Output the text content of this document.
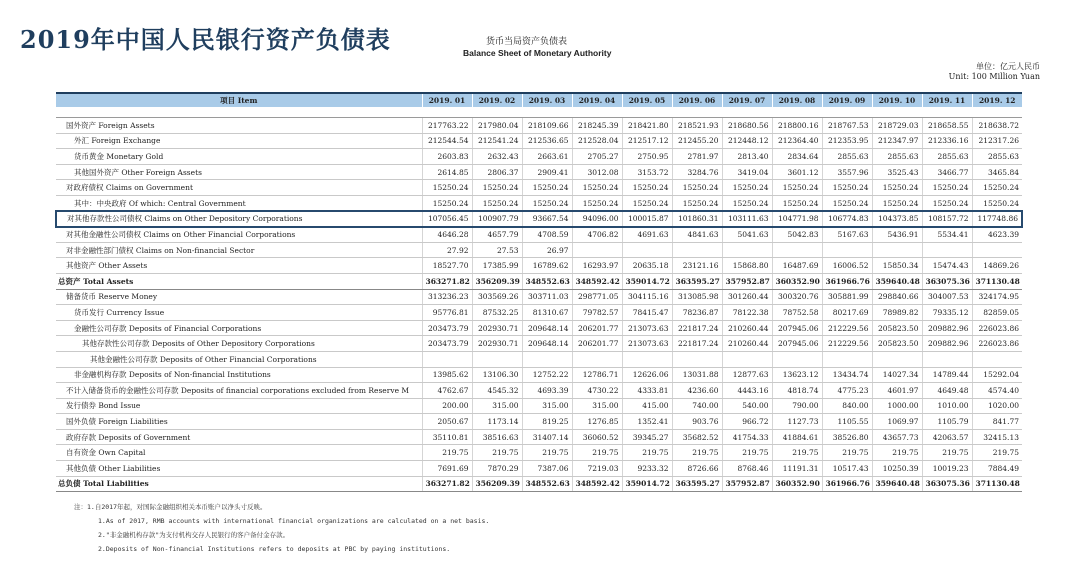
2019年中国人民银行资产负债表	货币当局资产负债表
Balance Sheet of Monetary Authority
单位：亿元人民币
Unit: 100 Million Yuan
项目 Item	2019. 01	2019. 02	2019. 03	2019. 04	2019. 05	2019. 06	2019. 07	2019. 08	2019. 09	2019. 10	2019. 11	2019. 12

国外资产 Foreign Assets	217763.22	217980.04	218109.66	218245.39	218421.80	218521.93	218680.56	218800.16	218767.53	218729.03	218658.55	218638.72
外汇 Foreign Exchange	212544.54	212541.24	212536.65	212528.04	212517.12	212455.20	212448.12	212364.40	212353.95	212347.97	212336.16	212317.26
货币黄金 Monetary Gold	2603.83	2632.43	2663.61	2705.27	2750.95	2781.97	2813.40	2834.64	2855.63	2855.63	2855.63	2855.63
其他国外资产 Other Foreign Assets	2614.85	2806.37	2909.41	3012.08	3153.72	3284.76	3419.04	3601.12	3557.96	3525.43	3466.77	3465.84
对政府债权 Claims on Government	15250.24	15250.24	15250.24	15250.24	15250.24	15250.24	15250.24	15250.24	15250.24	15250.24	15250.24	15250.24
其中：中央政府 Of which: Central Government	15250.24	15250.24	15250.24	15250.24	15250.24	15250.24	15250.24	15250.24	15250.24	15250.24	15250.24	15250.24
对其他存款性公司债权 Claims on Other Depository Corporations	107056.45	100907.79	93667.54	94096.00	100015.87	101860.31	103111.63	104771.98	106774.83	104373.85	108157.72	117748.86
对其他金融性公司债权 Claims on Other Financial Corporations	4646.28	4657.79	4708.59	4706.82	4691.63	4841.63	5041.63	5042.83	5167.63	5436.91	5534.41	4623.39
对非金融性部门债权 Claims on Non-financial Sector	27.92	27.53	26.97									
其他资产 Other Assets	18527.70	17385.99	16789.62	16293.97	20635.18	23121.16	15868.80	16487.69	16006.52	15850.34	15474.43	14869.26
总资产 Total Assets	363271.82	356209.39	348552.63	348592.42	359014.72	363595.27	357952.87	360352.90	361966.76	359640.48	363075.36	371130.48
储备货币 Reserve Money	313236.23	303569.26	303711.03	298771.05	304115.16	313085.98	301260.44	300320.76	305881.99	298840.66	304007.53	324174.95
货币发行 Currency Issue	95776.81	87532.25	81310.67	79782.57	78415.47	78236.87	78122.38	78752.58	80217.69	78989.82	79335.12	82859.05
金融性公司存款 Deposits of Financial Corporations	203473.79	202930.71	209648.14	206201.77	213073.63	221817.24	210260.44	207945.06	212229.56	205823.50	209882.96	226023.86
其他存款性公司存款 Deposits of Other Depository Corporations	203473.79	202930.71	209648.14	206201.77	213073.63	221817.24	210260.44	207945.06	212229.56	205823.50	209882.96	226023.86
其他金融性公司存款 Deposits of Other Financial Corporations												
非金融机构存款 Deposits of Non-financial Institutions	13985.62	13106.30	12752.22	12786.71	12626.06	13031.88	12877.63	13623.12	13434.74	14027.34	14789.44	15292.04
不计入储备货币的金融性公司存款 Deposits of financial corporations excluded from Reserve M	4762.67	4545.32	4693.39	4730.22	4333.81	4236.60	4443.16	4818.74	4775.23	4601.97	4649.48	4574.40
发行债券 Bond Issue	200.00	315.00	315.00	315.00	415.00	740.00	540.00	790.00	840.00	1000.00	1010.00	1020.00
国外负债 Foreign Liabilities	2050.67	1173.14	819.25	1276.85	1352.41	903.76	966.72	1127.73	1105.55	1069.97	1105.79	841.77
政府存款 Deposits of Government	35110.81	38516.63	31407.14	36060.52	39345.27	35682.52	41754.33	41884.61	38526.80	43657.73	42063.57	32415.13
自有资金 Own Capital	219.75	219.75	219.75	219.75	219.75	219.75	219.75	219.75	219.75	219.75	219.75	219.75
其他负债 Other Liabilities	7691.69	7870.29	7387.06	7219.03	9233.32	8726.66	8768.46	11191.31	10517.43	10250.39	10019.23	7884.49
总负债 Total Liabilities	363271.82	356209.39	348552.63	348592.42	359014.72	363595.27	357952.87	360352.90	361966.76	359640.48	363075.36	371130.48
注：1.自2017年起，对国际金融组织相关本币账户以净头寸反映。
1.As of 2017, RMB accounts with international financial organizations are calculated on a net basis.
2."非金融机构存款"为支付机构交存人民银行的客户备付金存款。
2.Deposits of Non-financial Institutions refers to deposits at PBC by paying institutions.
